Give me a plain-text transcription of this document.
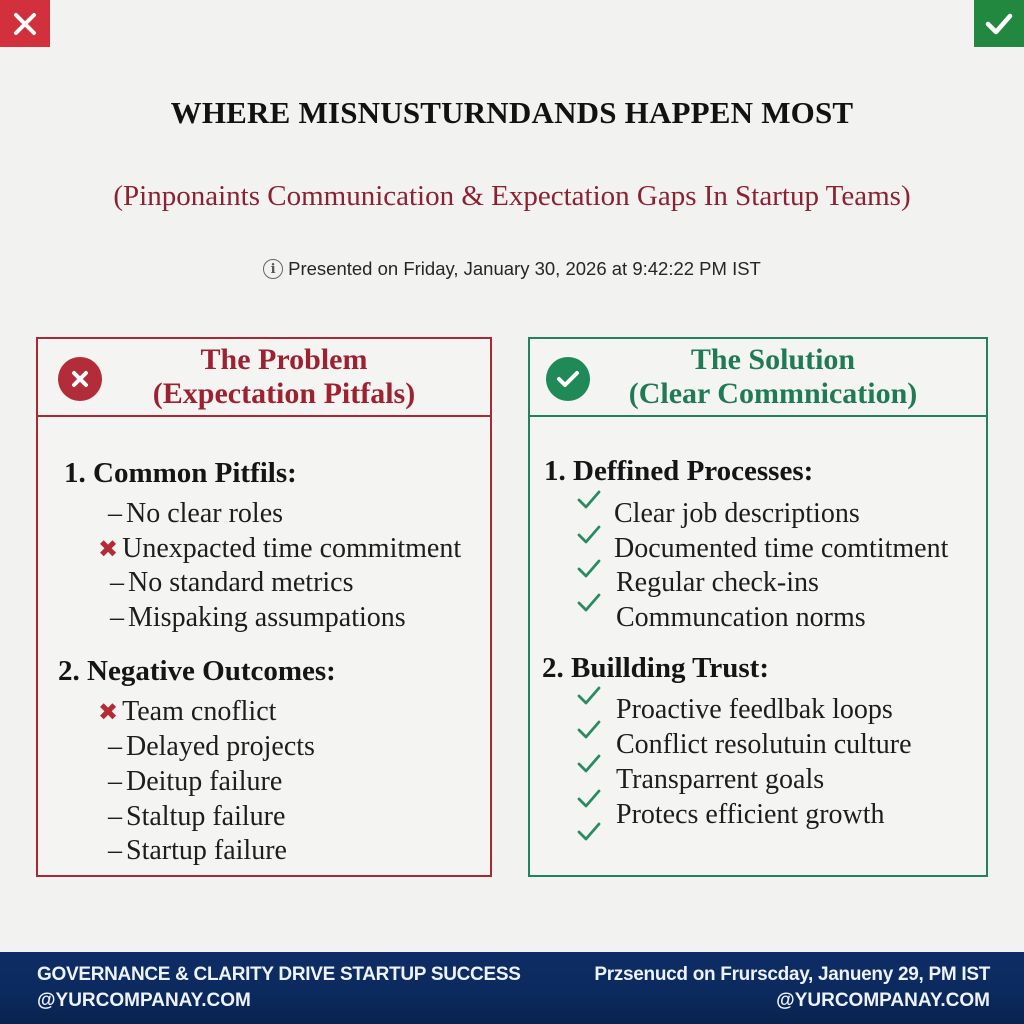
WHERE MISNUSTURNDANDS HAPPEN MOST
(Pinponaints Communication & Expectation Gaps In Startup Teams)
i Presented on Friday, January 30, 2026 at 9:42:22 PM IST
The Problem
(Expectation Pitfals)
1. Common Pitfils:
– No clear roles
✖ Unexpacted time commitment
– No standard metrics
– Mispaking assumpations
2. Negative Outcomes:
✖ Team cnoflict
– Delayed projects
– Deitup failure
– Staltup failure
– Startup failure
The Solution
(Clear Commnication)
1. Deffined Processes:
Clear job descriptions
Documented time comtitment
Regular check-ins
Communcation norms
2. Buillding Trust:
Proactive feedlbak loops
Conflict resolutuin culture
Transparrent goals
Protecs efficient growth
GOVERNANCE & CLARITY DRIVE STARTUP SUCCESS
@YURCOMPANAY.COM
Przsenucd on Frurscday, Janueny 29, PM IST
@YURCOMPANAY.COM
